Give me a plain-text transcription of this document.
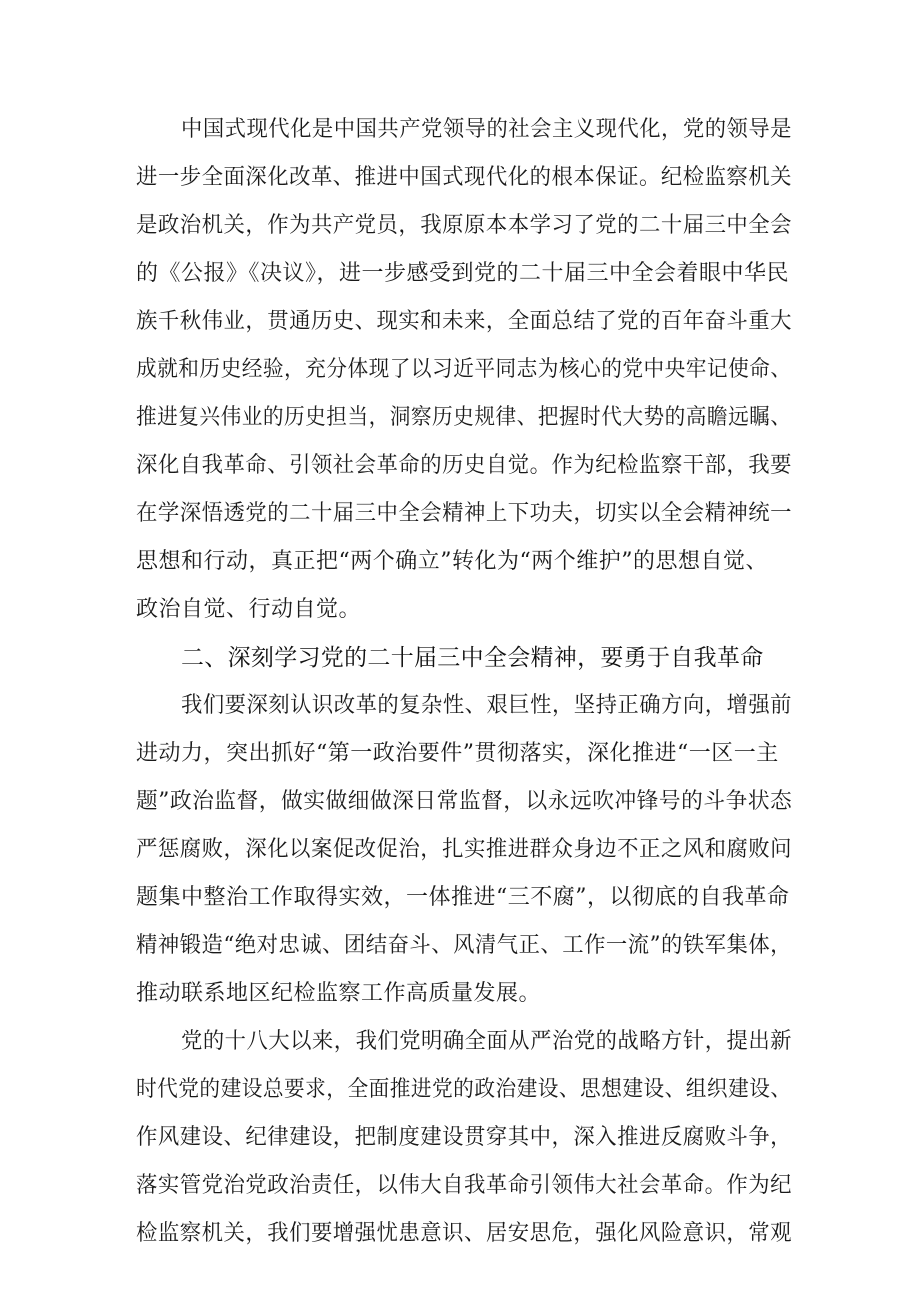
中国式现代化是中国共产党领导的社会主义现代化，党的领导是
进一步全面深化改革、推进中国式现代化的根本保证。纪检监察机关
是政治机关，作为共产党员，我原原本本学习了党的二十届三中全会
的《公报》《决议》，进一步感受到党的二十届三中全会着眼中华民
族千秋伟业，贯通历史、现实和未来，全面总结了党的百年奋斗重大
成就和历史经验，充分体现了以习近平同志为核心的党中央牢记使命、
推进复兴伟业的历史担当，洞察历史规律、把握时代大势的高瞻远瞩、
深化自我革命、引领社会革命的历史自觉。作为纪检监察干部，我要
在学深悟透党的二十届三中全会精神上下功夫，切实以全会精神统一
思想和行动，真正把“两个确立”转化为“两个维护”的思想自觉、
政治自觉、行动自觉。
二、深刻学习党的二十届三中全会精神，要勇于自我革命
我们要深刻认识改革的复杂性、艰巨性，坚持正确方向，增强前
进动力，突出抓好“第一政治要件”贯彻落实，深化推进“一区一主
题”政治监督，做实做细做深日常监督，以永远吹冲锋号的斗争状态
严惩腐败，深化以案促改促治，扎实推进群众身边不正之风和腐败问
题集中整治工作取得实效，一体推进“三不腐”，以彻底的自我革命
精神锻造“绝对忠诚、团结奋斗、风清气正、工作一流”的铁军集体，
推动联系地区纪检监察工作高质量发展。
党的十八大以来，我们党明确全面从严治党的战略方针，提出新
时代党的建设总要求，全面推进党的政治建设、思想建设、组织建设、
作风建设、纪律建设，把制度建设贯穿其中，深入推进反腐败斗争，
落实管党治党政治责任，以伟大自我革命引领伟大社会革命。作为纪
检监察机关，我们要增强忧患意识、居安思危，强化风险意识，常观
